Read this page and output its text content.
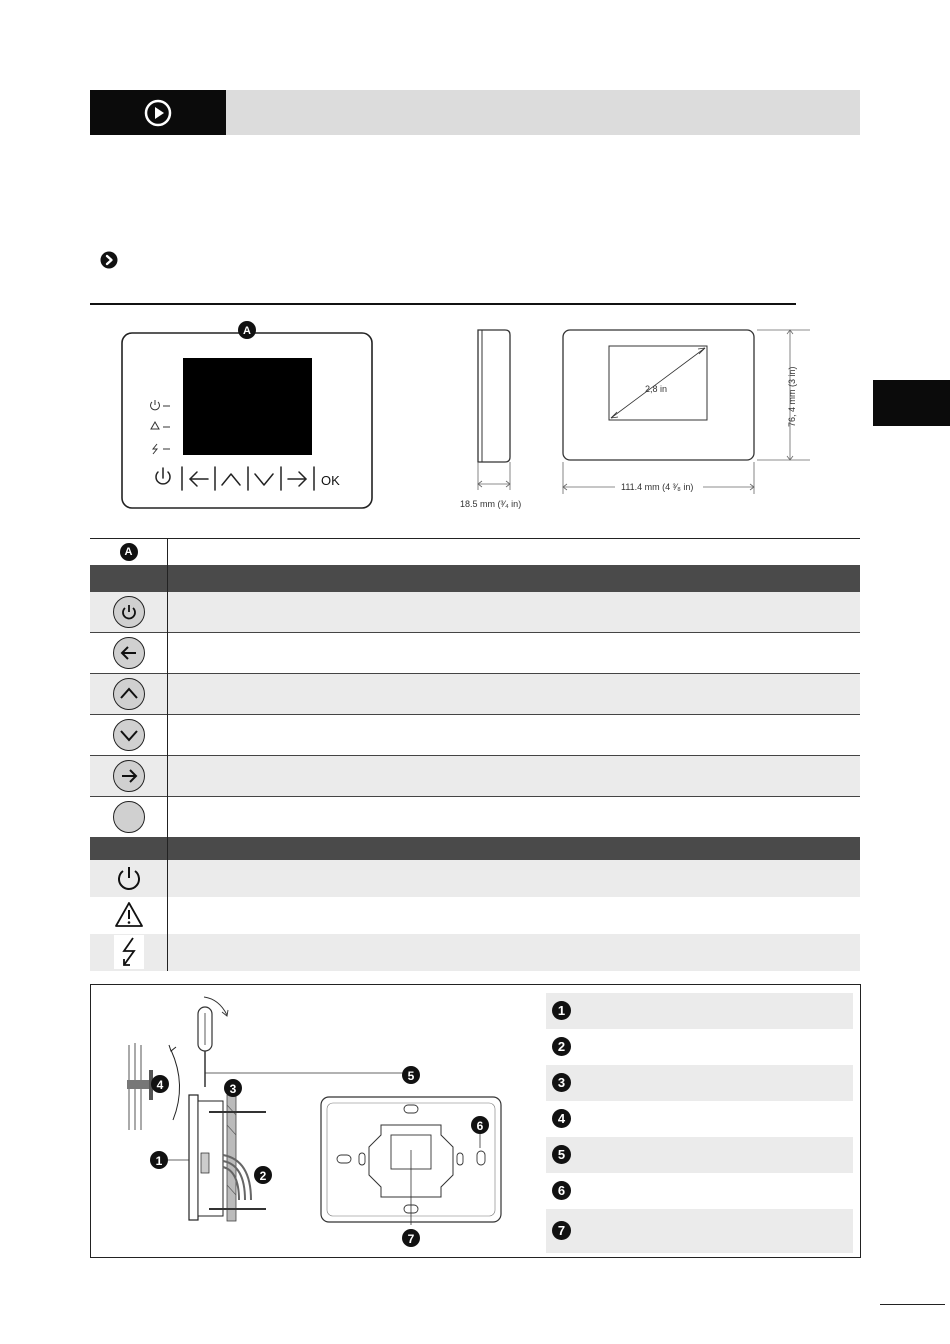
OK
A
18.5 mm (³⁄₄ in)
2,8 in	76, 4 mm (3 in)
111.4 mm (4 ³⁄₈ in)
A	

4	3
1
2
5
6
7
1
2
3
4
5
6
7
